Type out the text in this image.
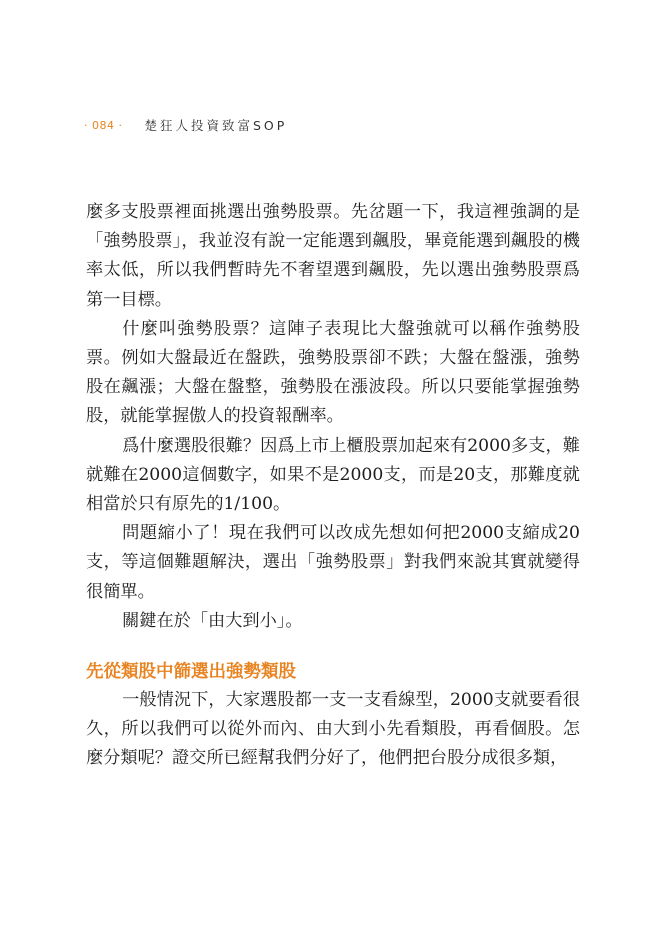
· 084 · 楚狂人投資致富SOP

麼多支股票裡面挑選出強勢股票。先岔題一下，我這裡強調的是「強勢股票」，我並沒有說一定能選到飆股，畢竟能選到飆股的機率太低，所以我們暫時先不奢望選到飆股，先以選出強勢股票爲第一目標。

什麼叫強勢股票？這陣子表現比大盤強就可以稱作強勢股票。例如大盤最近在盤跌，強勢股票卻不跌；大盤在盤漲，強勢股在飆漲；大盤在盤整，強勢股在漲波段。所以只要能掌握強勢股，就能掌握傲人的投資報酬率。

爲什麼選股很難？因爲上市上櫃股票加起來有2000多支，難就難在2000這個數字，如果不是2000支，而是20支，那難度就相當於只有原先的1/100。

問題縮小了！現在我們可以改成先想如何把2000支縮成20支，等這個難題解決，選出「強勢股票」對我們來說其實就變得很簡單。

關鍵在於「由大到小」。

先從類股中篩選出強勢類股

一般情況下，大家選股都一支一支看線型，2000支就要看很久，所以我們可以從外而內、由大到小先看類股，再看個股。怎麼分類呢？證交所已經幫我們分好了，他們把台股分成很多類，
